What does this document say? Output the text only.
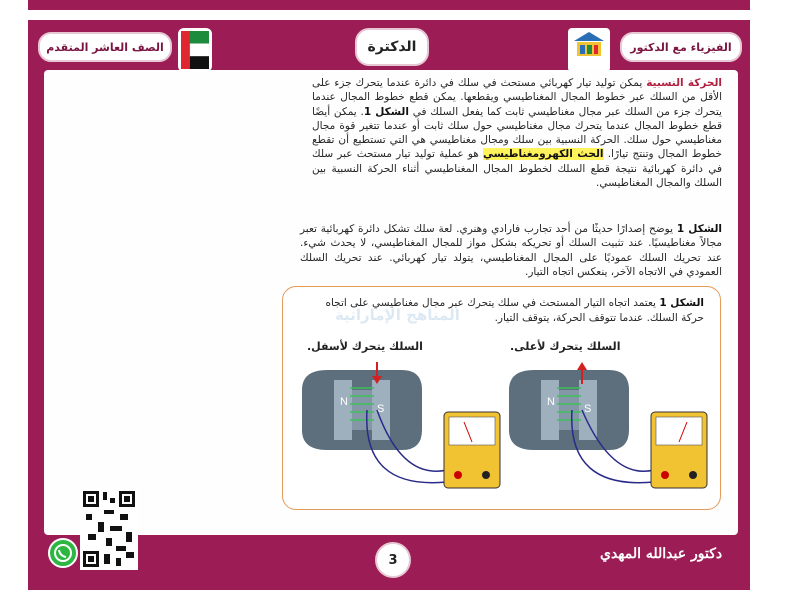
الصف العاشر المتقدم	الدكترة	الفيزياء مع الدكتور
الحركة النسبية يمكن توليد تيار كهربائي مستحث في سلك في دائرة عندما يتحرك جزء على الأقل من السلك عبر خطوط المجال المغناطيسي ويقطعها. يمكن قطع خطوط المجال عندما يتحرك جزء من السلك عبر مجال مغناطيسي ثابت كما يفعل السلك في الشكل 1. يمكن أيضًا قطع خطوط المجال عندما يتحرك مجال مغناطيسي حول سلك ثابت أو عندما تتغير قوة مجال مغناطيسي حول سلك. الحركة النسبية بين سلك ومجال مغناطيسي هي التي تستطيع أن تقطع خطوط المجال وتنتج تيارًا. الحث الكهرومغناطيسي هو عملية توليد تيار مستحث عبر سلك في دائرة كهربائية نتيجة قطع السلك لخطوط المجال المغناطيسي أثناء الحركة النسبية بين السلك والمجال المغناطيسي.
الشكل 1 يوضح إصدارًا حديثًا من أحد تجارب فارادي وهنري. لعة سلك تشكل دائرة كهربائية تعبر مجالاً مغناطيسيًا. عند تثبيت السلك أو تحريكه بشكل مواز للمجال المغناطيسي، لا يحدث شيء. عند تحريك السلك عموديًا على المجال المغناطيسي، يتولد تيار كهربائي. عند تحريك السلك العمودي في الاتجاه الآخر، ينعكس اتجاه التيار.
الشكل 1 يعتمد اتجاه التيار المستحث في سلك يتحرك عبر مجال مغناطيسي على اتجاه حركة السلك. عندما تتوقف الحركة، يتوقف التيار.
المناهج الإماراتية
السلك يتحرك لأعلى.
السلك يتحرك لأسفل.
N
S
N
S
3	دكتور عبدالله المهدي
